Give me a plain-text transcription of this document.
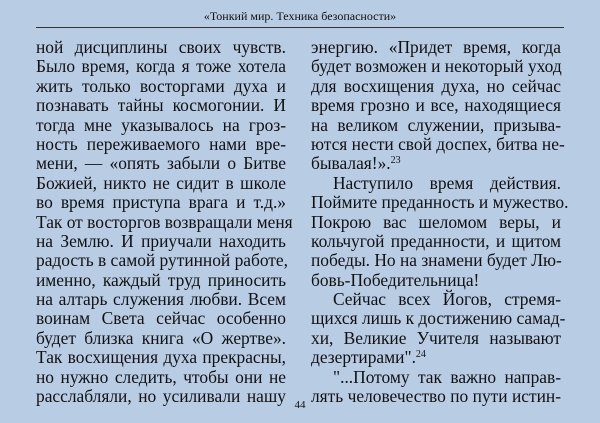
«Тонкий мир. Техника безопасности»
ной дисциплины своих чувств.
Было время, когда я тоже хотела
жить только восторгами духа и
познавать тайны космогонии. И
тогда мне указывалось на гроз-
ность переживаемого нами вре-
мени, — «опять забыли о Битве
Божией, никто не сидит в школе
во время приступа врага и т.д.»
Так от восторгов возвращали меня
на Землю. И приучали находить
радость в самой рутинной работе,
именно, каждый труд приносить
на алтарь служения любви. Всем
воинам Света сейчас особенно
будет близка книга «О жертве».
Так восхищения духа прекрасны,
но нужно следить, чтобы они не
расслабляли, но усиливали нашу
энергию. «Придет время, когда
будет возможен и некоторый уход
для восхищения духа, но сейчас
время грозно и все, находящиеся
на великом служении, призыва-
ются нести свой доспех, битва не-
бывалая!».$^{23}$
Наступило время действия.
Поймите преданность и мужество.
Покрою вас шеломом веры, и
кольчугой преданности, и щитом
победы. Но на знамени будет Лю-
бовь-Победительница!
Сейчас всех Йогов, стремя-
щихся лишь к достижению самад-
хи, Великие Учителя называют
дезертирами".$^{24}$
"...Потому так важно направ-
лять человечество по пути истин-
44
